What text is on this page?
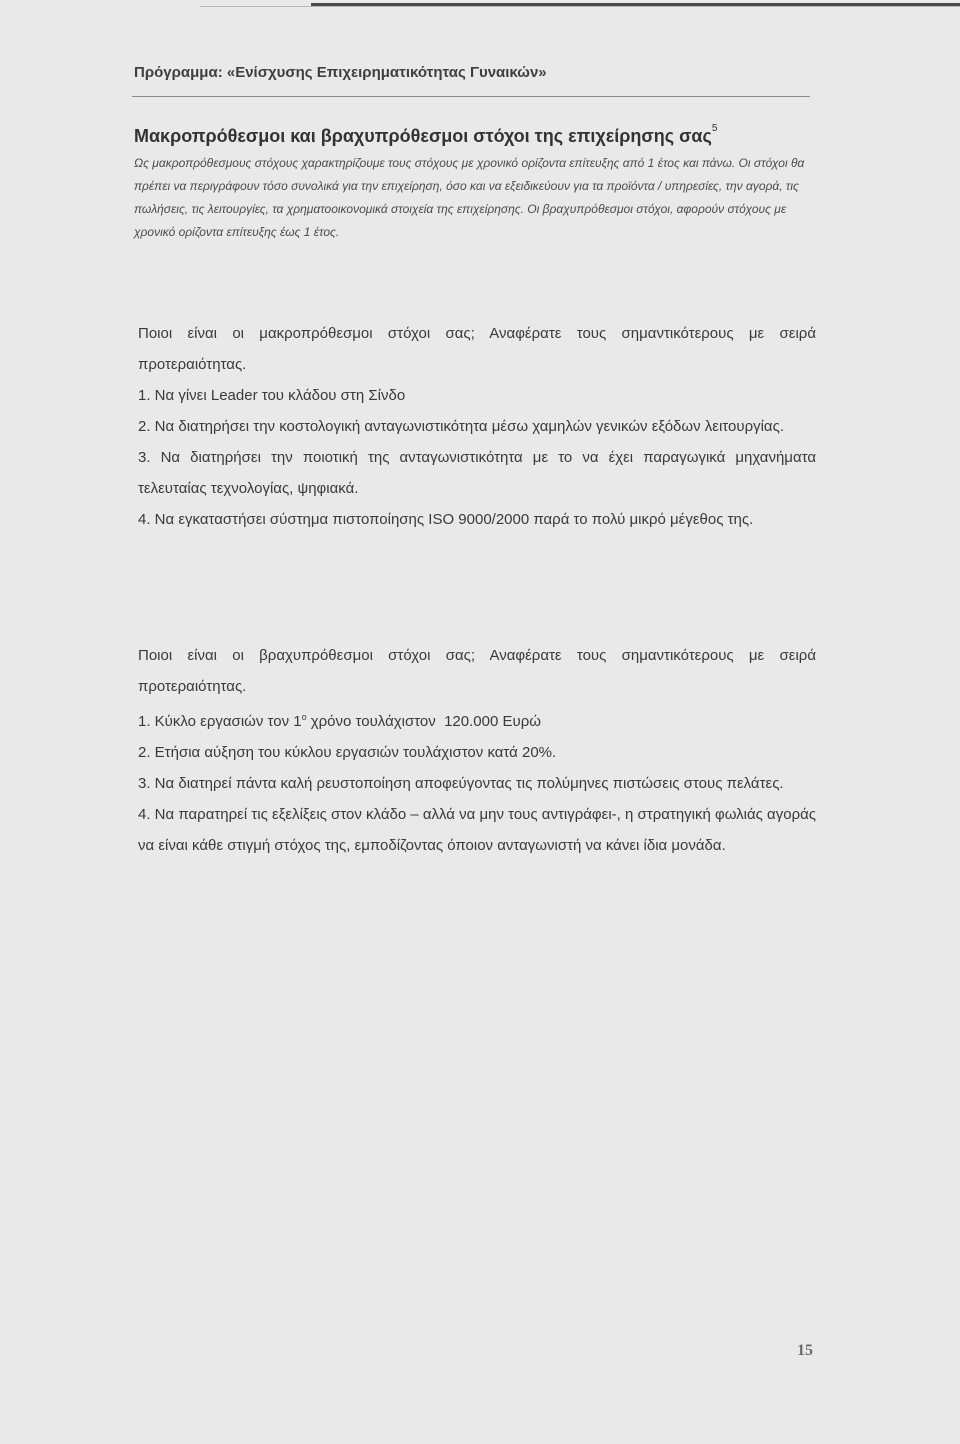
Πρόγραμμα: «Ενίσχυσης Επιχειρηματικότητας Γυναικών»
Μακροπρόθεσμοι και βραχυπρόθεσμοι στόχοι της επιχείρησης σας$^5$

Ως μακροπρόθεσμους στόχους χαρακτηρίζουμε τους στόχους με χρονικό ορίζοντα επίτευξης από 1 έτος και πάνω. Οι στόχοι θα πρέπει να περιγράφουν τόσο συνολικά για την επιχείρηση, όσο και να εξειδικεύουν για τα προϊόντα / υπηρεσίες, την αγορά, τις πωλήσεις, τις λειτουργίες, τα χρηματοοικονομικά στοιχεία της επιχείρησης. Οι βραχυπρόθεσμοι στόχοι, αφορούν στόχους με χρονικό ορίζοντα επίτευξης έως 1 έτος.

Ποιοι είναι οι μακροπρόθεσμοι στόχοι σας; Αναφέρατε τους σημαντικότερους με σειρά προτεραιότητας.

1. Να γίνει Leader του κλάδου στη Σίνδο

2. Να διατηρήσει την κοστολογική ανταγωνιστικότητα μέσω χαμηλών γενικών εξόδων λειτουργίας.

3. Να διατηρήσει την ποιοτική της ανταγωνιστικότητα με το να έχει παραγωγικά μηχανήματα τελευταίας τεχνολογίας, ψηφιακά.

4. Να εγκαταστήσει σύστημα πιστοποίησης ISO 9000/2000 παρά το πολύ μικρό μέγεθος της.

Ποιοι είναι οι βραχυπρόθεσμοι στόχοι σας; Αναφέρατε τους σημαντικότερους με σειρά προτεραιότητας.

1. Κύκλο εργασιών τον $1^o$ χρόνο τουλάχιστον  120.000 Ευρώ

2. Ετήσια αύξηση του κύκλου εργασιών τουλάχιστον κατά 20%.

3. Να διατηρεί πάντα καλή ρευστοποίηση αποφεύγοντας τις πολύμηνες πιστώσεις στους πελάτες.

4. Να παρατηρεί τις εξελίξεις στον κλάδο – αλλά να μην τους αντιγράφει-, η στρατηγική φωλιάς αγοράς να είναι κάθε στιγμή στόχος της, εμποδίζοντας όποιον ανταγωνιστή να κάνει ίδια μονάδα.

15
